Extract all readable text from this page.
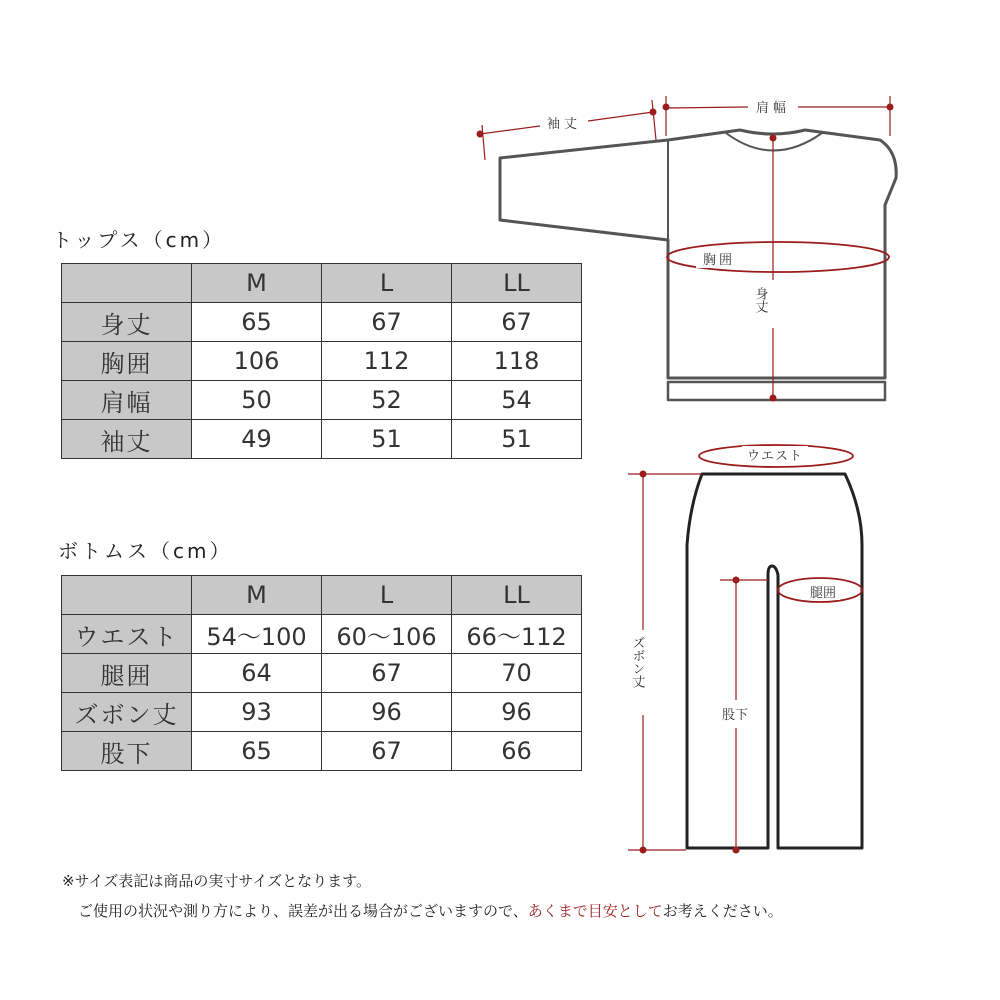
トップス（cm）
	M	L	LL
身丈	65	67	67
胸囲	106	112	118
肩幅	50	52	54
袖丈	49	51	51
ボトムス（cm）
	M	L	LL
ウエスト	54〜100	60〜106	66〜112
腿囲	64	67	70
ズボン丈	93	96	96
股下	65	67	66
袖丈
肩幅
胸囲
身丈
ウエスト
腿囲
ズボン丈
股下
※サイズ表記は商品の実寸サイズとなります。
ご使用の状況や測り方により、誤差が出る場合がございますので、あくまで目安としてお考えください。
